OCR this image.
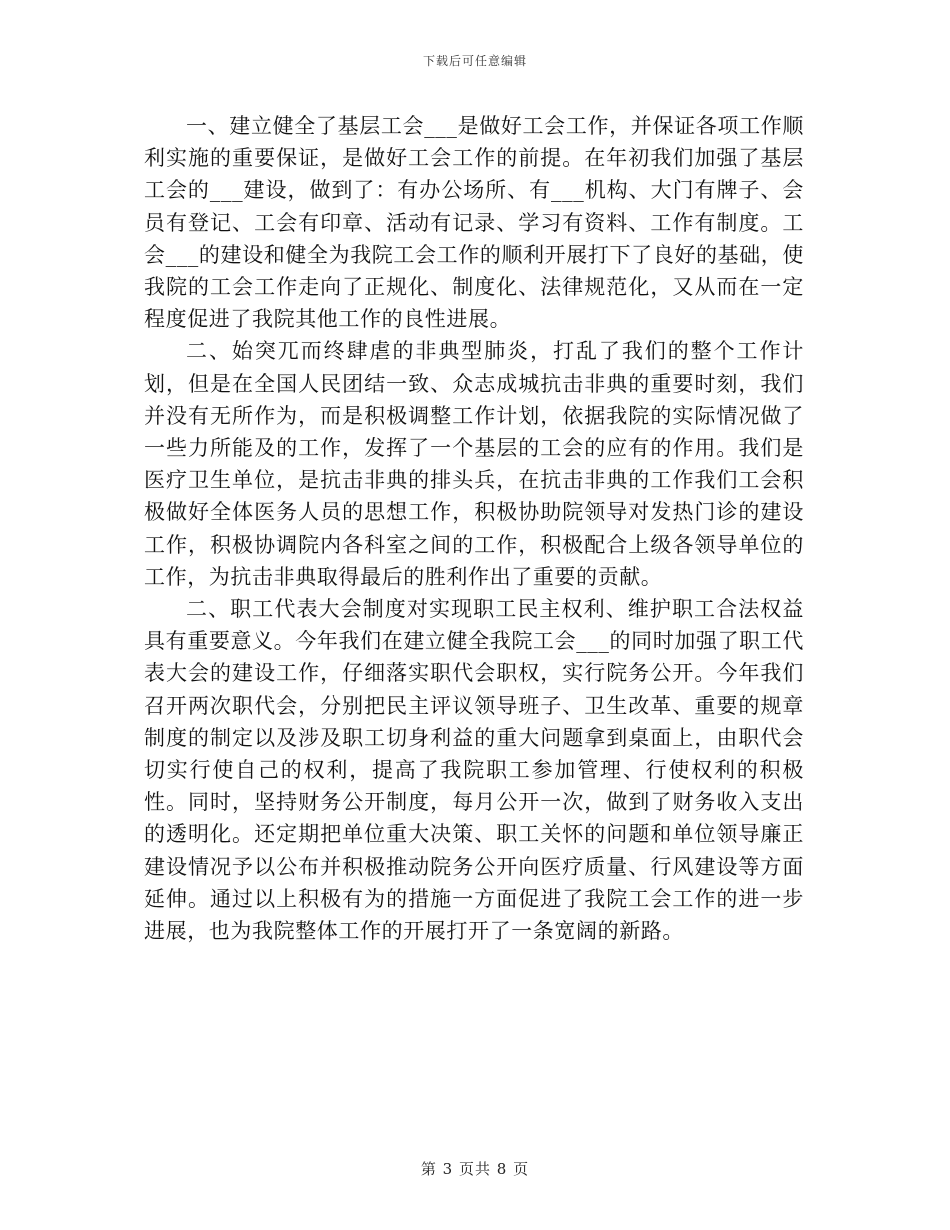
下载后可任意编辑

一、建立健全了基层工会___是做好工会工作，并保证各项工作顺利实施的重要保证，是做好工会工作的前提。在年初我们加强了基层工会的___建设，做到了：有办公场所、有___机构、大门有牌子、会员有登记、工会有印章、活动有记录、学习有资料、工作有制度。工会___的建设和健全为我院工会工作的顺利开展打下了良好的基础，使我院的工会工作走向了正规化、制度化、法律规范化，又从而在一定程度促进了我院其他工作的良性进展。

二、始突兀而终肆虐的非典型肺炎，打乱了我们的整个工作计划，但是在全国人民团结一致、众志成城抗击非典的重要时刻，我们并没有无所作为，而是积极调整工作计划，依据我院的实际情况做了一些力所能及的工作，发挥了一个基层的工会的应有的作用。我们是医疗卫生单位，是抗击非典的排头兵，在抗击非典的工作我们工会积极做好全体医务人员的思想工作，积极协助院领导对发热门诊的建设工作，积极协调院内各科室之间的工作，积极配合上级各领导单位的工作，为抗击非典取得最后的胜利作出了重要的贡献。

二、职工代表大会制度对实现职工民主权利、维护职工合法权益具有重要意义。今年我们在建立健全我院工会___的同时加强了职工代表大会的建设工作，仔细落实职代会职权，实行院务公开。今年我们召开两次职代会，分别把民主评议领导班子、卫生改革、重要的规章制度的制定以及涉及职工切身利益的重大问题拿到桌面上，由职代会切实行使自己的权利，提高了我院职工参加管理、行使权利的积极性。同时，坚持财务公开制度，每月公开一次，做到了财务收入支出的透明化。还定期把单位重大决策、职工关怀的问题和单位领导廉正建设情况予以公布并积极推动院务公开向医疗质量、行风建设等方面延伸。通过以上积极有为的措施一方面促进了我院工会工作的进一步进展，也为我院整体工作的开展打开了一条宽阔的新路。

第 3 页共 8 页
